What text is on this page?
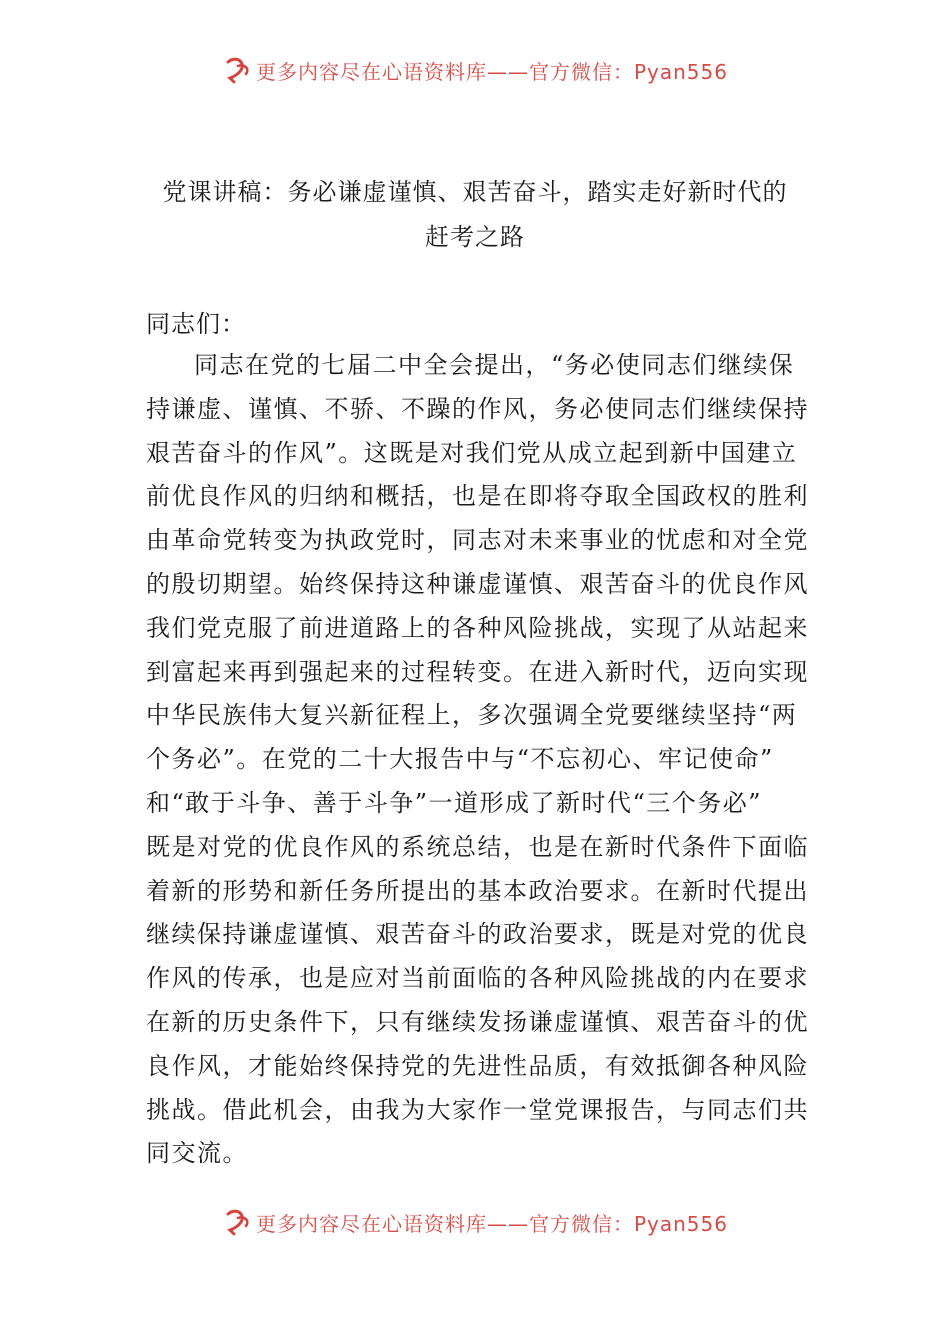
更多内容尽在心语资料库——官方微信：Pyan556
党课讲稿：务必谦虚谨慎、艰苦奋斗，踏实走好新时代的
赶考之路
同志们：
同志在党的七届二中全会提出，“务必使同志们继续保
持谦虚、谨慎、不骄、不躁的作风，务必使同志们继续保持
艰苦奋斗的作风”。这既是对我们党从成立起到新中国建立
前优良作风的归纳和概括，也是在即将夺取全国政权的胜利
由革命党转变为执政党时，同志对未来事业的忧虑和对全党
的殷切期望。始终保持这种谦虚谨慎、艰苦奋斗的优良作风
我们党克服了前进道路上的各种风险挑战，实现了从站起来
到富起来再到强起来的过程转变。在进入新时代，迈向实现
中华民族伟大复兴新征程上，多次强调全党要继续坚持“两
个务必”。在党的二十大报告中与“不忘初心、牢记使命”
和“敢于斗争、善于斗争”一道形成了新时代“三个务必”
既是对党的优良作风的系统总结，也是在新时代条件下面临
着新的形势和新任务所提出的基本政治要求。在新时代提出
继续保持谦虚谨慎、艰苦奋斗的政治要求，既是对党的优良
作风的传承，也是应对当前面临的各种风险挑战的内在要求
在新的历史条件下，只有继续发扬谦虚谨慎、艰苦奋斗的优
良作风，才能始终保持党的先进性品质，有效抵御各种风险
挑战。借此机会，由我为大家作一堂党课报告，与同志们共
同交流。
更多内容尽在心语资料库——官方微信：Pyan556
